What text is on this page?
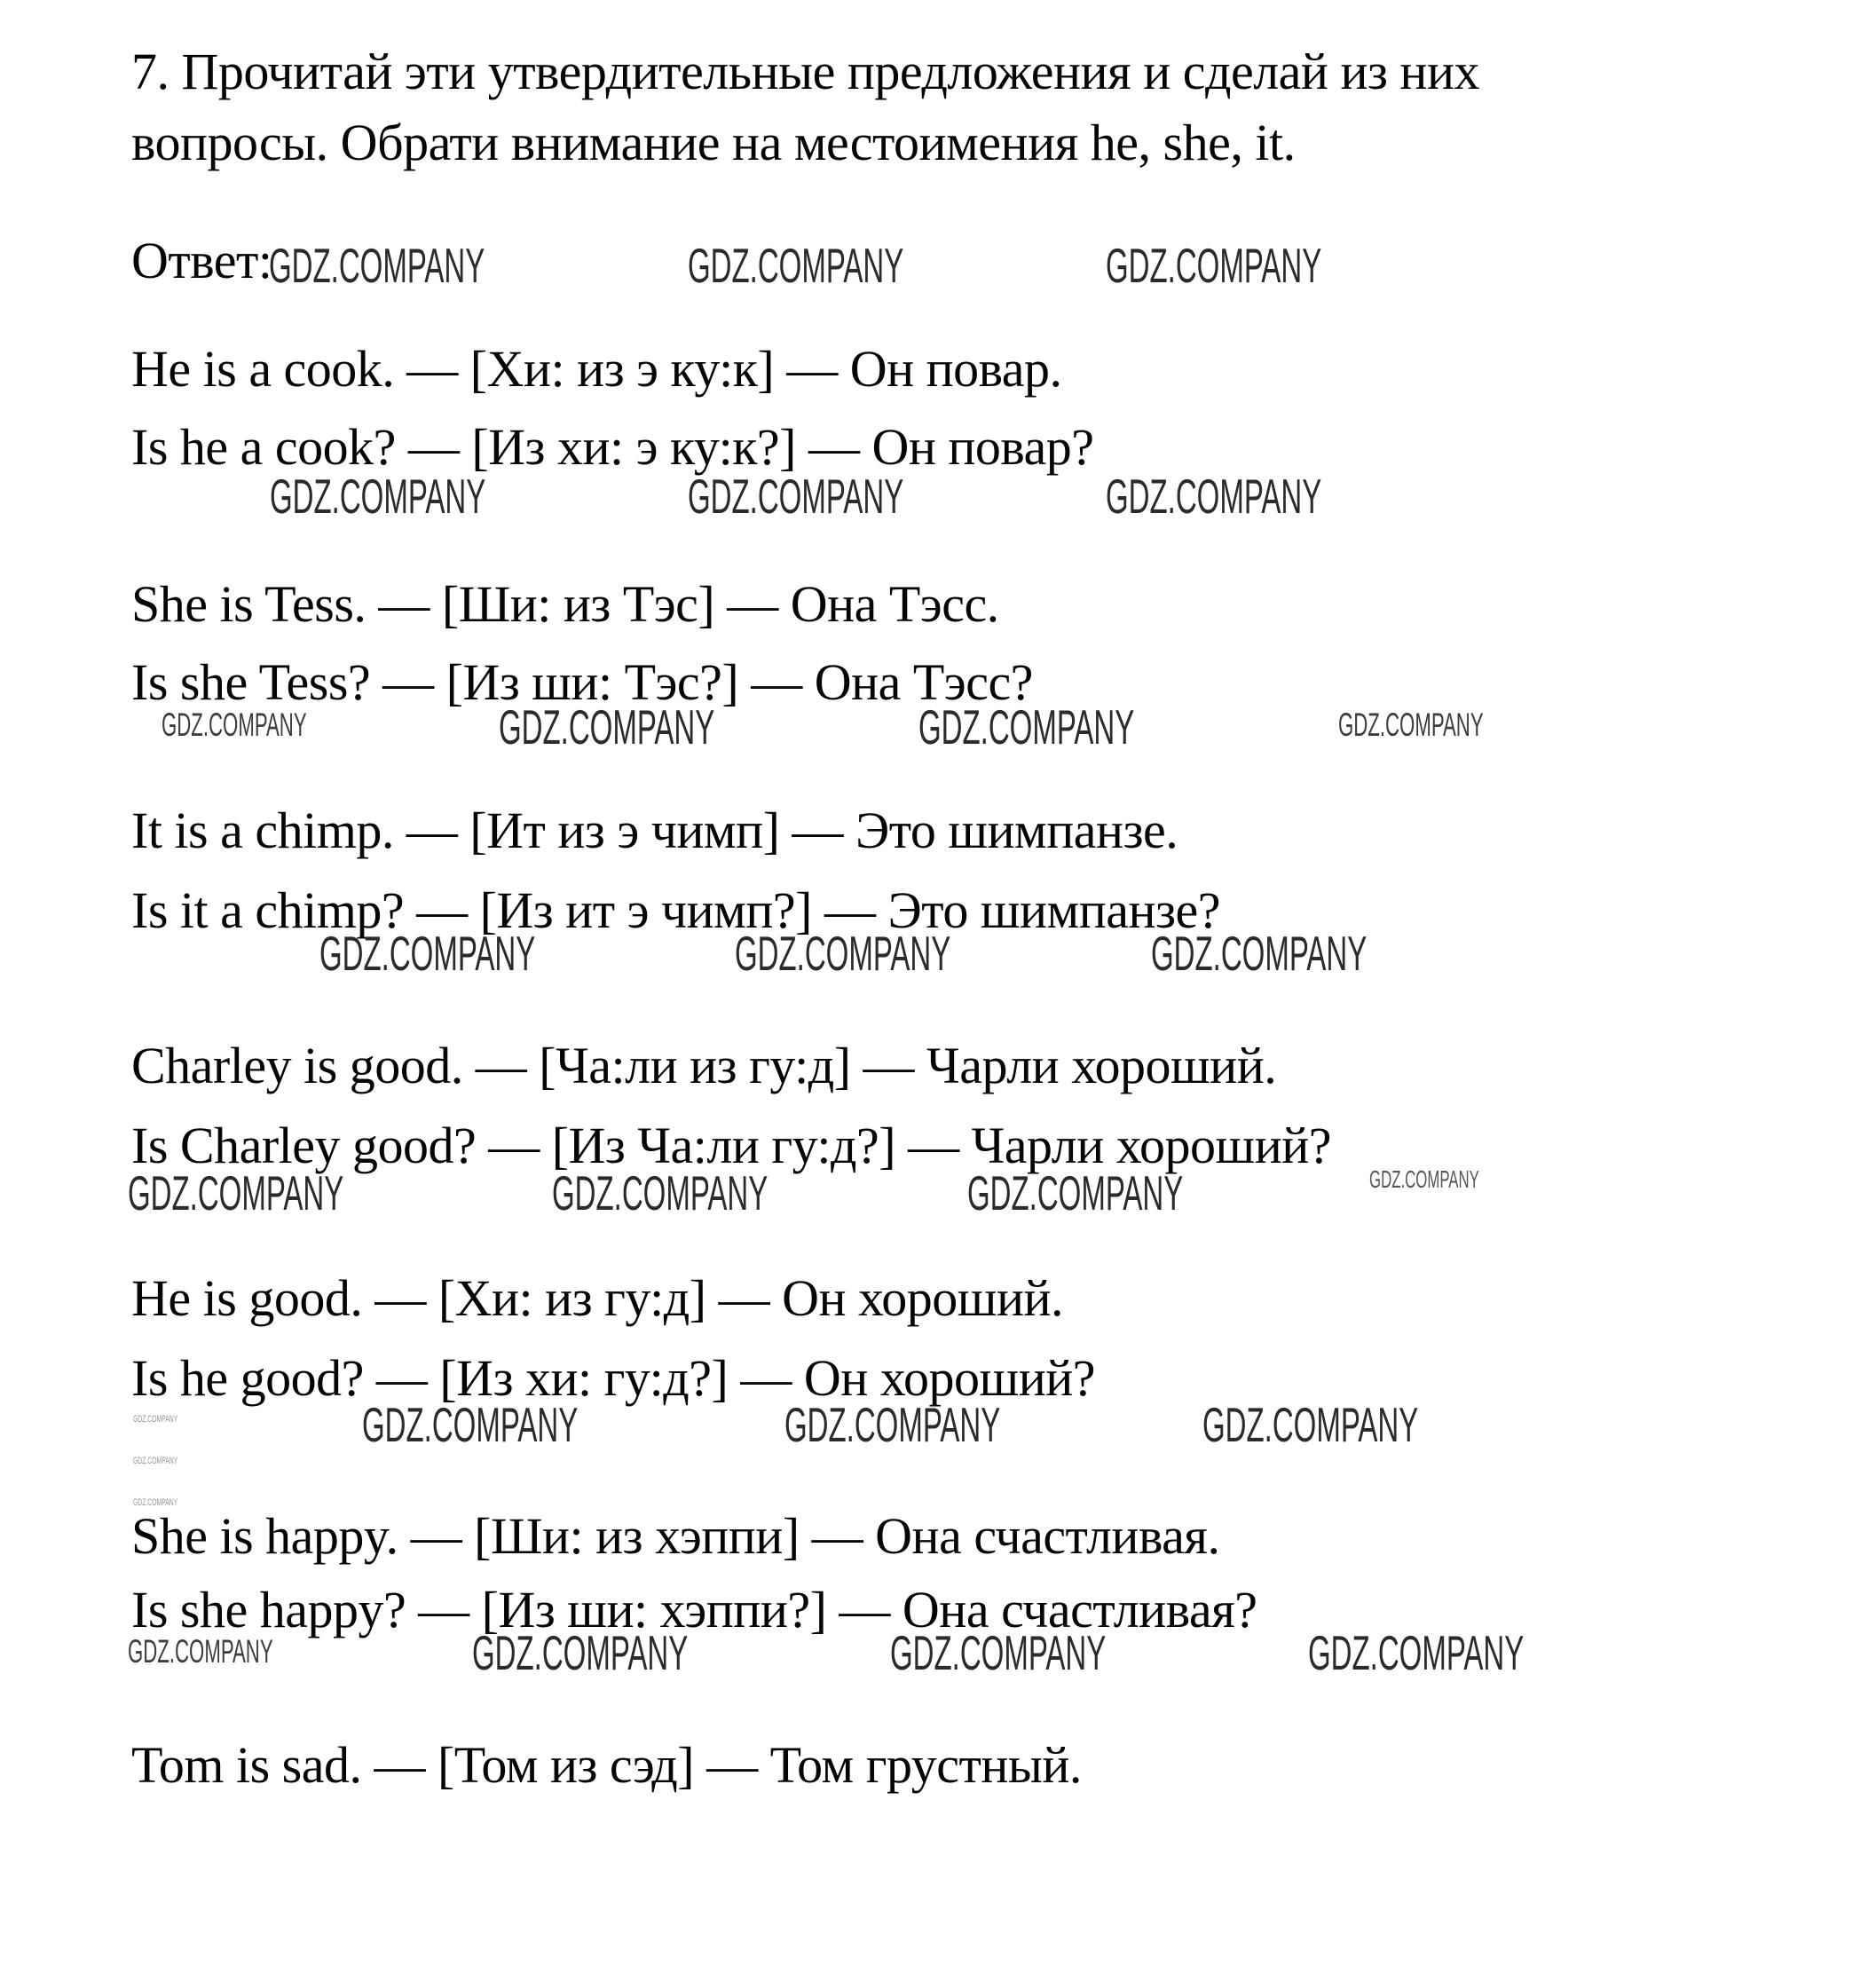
7. Прочитай эти утвердительные предложения и сделай из них
вопросы. Обрати внимание на местоимения he, she, it.
Ответ:
GDZ.COMPANY	GDZ.COMPANY	GDZ.COMPANY
He is a cook. — [Хи: из э ку:к] — Он повар.
Is he a cook? — [Из хи: э ку:к?] — Он повар?
GDZ.COMPANY	GDZ.COMPANY	GDZ.COMPANY
She is Tess. — [Ши: из Тэс] — Она Тэсс.
Is she Tess? — [Из ши: Тэс?] — Она Тэсс?
GDZ.COMPANY	GDZ.COMPANY	GDZ.COMPANY	GDZ.COMPANY
It is a chimp. — [Ит из э чимп] — Это шимпанзе.
Is it a chimp? — [Из ит э чимп?] — Это шимпанзе?
GDZ.COMPANY	GDZ.COMPANY	GDZ.COMPANY
Charley is good. — [Ча:ли из гу:д] — Чарли хороший.
Is Charley good? — [Из Ча:ли гу:д?] — Чарли хороший?
GDZ.COMPANY	GDZ.COMPANY	GDZ.COMPANY	GDZ.COMPANY
He is good. — [Хи: из гу:д] — Он хороший.
Is he good? — [Из хи: гу:д?] — Он хороший?
GDZ.COMPANY	GDZ.COMPANY	GDZ.COMPANY	GDZ.COMPANY
GDZ.COMPANY
GDZ.COMPANY
She is happy. — [Ши: из хэппи] — Она счастливая.
Is she happy? — [Из ши: хэппи?] — Она счастливая?
GDZ.COMPANY	GDZ.COMPANY	GDZ.COMPANY	GDZ.COMPANY
Tom is sad. — [Том из сэд] — Том грустный.
